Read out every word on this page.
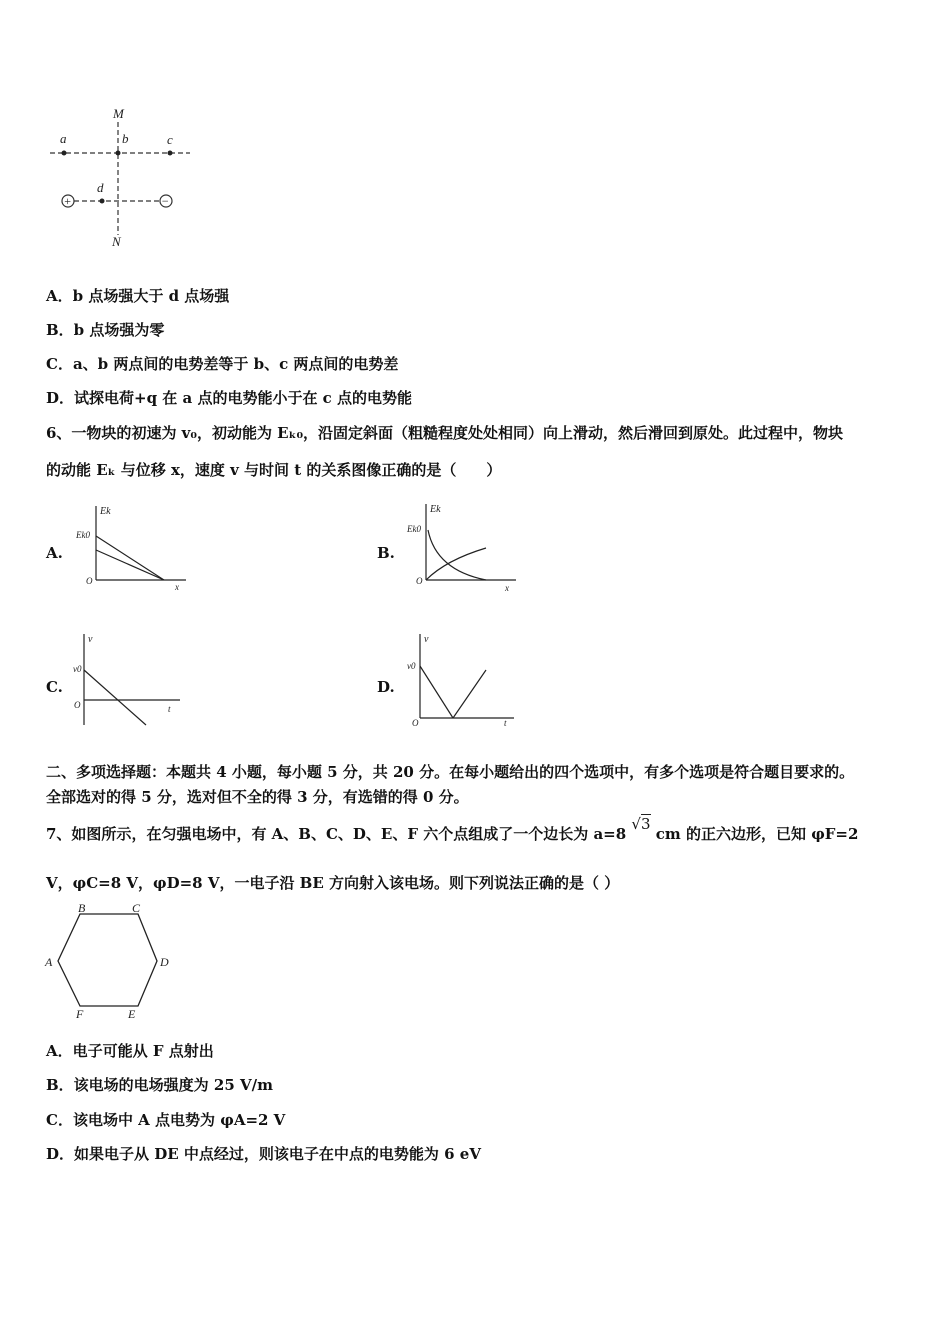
+	−
M
N
a	b	c
d
A．b 点场强大于 d 点场强
B．b 点场强为零
C．a、b 两点间的电势差等于 b、c 两点间的电势差
D．试探电荷+q 在 a 点的电势能小于在 c 点的电势能
6、一物块的初速为 v₀，初动能为 Eₖ₀，沿固定斜面（粗糙程度处处相同）向上滑动，然后滑回到原处。此过程中，物块
的动能 Eₖ 与位移 x，速度 v 与时间 t 的关系图像正确的是（　　）
A.
Ek
Ek0
O
x
B.
Ek
Ek0
O
x
C.
v
v0
O	t
D.
v
v0
O	t
二、多项选择题：本题共 4 小题，每小题 5 分，共 20 分。在每小题给出的四个选项中，有多个选项是符合题目要求的。
全部选对的得 5 分，选对但不全的得 3 分，有选错的得 0 分。
7、如图所示，在匀强电场中，有 A、B、C、D、E、F 六个点组成了一个边长为 a=8 √3 cm 的正六边形，已知 φF=2
V，φC=8 V，φD=8 V，一电子沿 BE 方向射入该电场。则下列说法正确的是（ ）
B	C
A	D
F	E
A．电子可能从 F 点射出
B．该电场的电场强度为 25 V/m
C．该电场中 A 点电势为 φA=2 V
D．如果电子从 DE 中点经过，则该电子在中点的电势能为 6 eV
